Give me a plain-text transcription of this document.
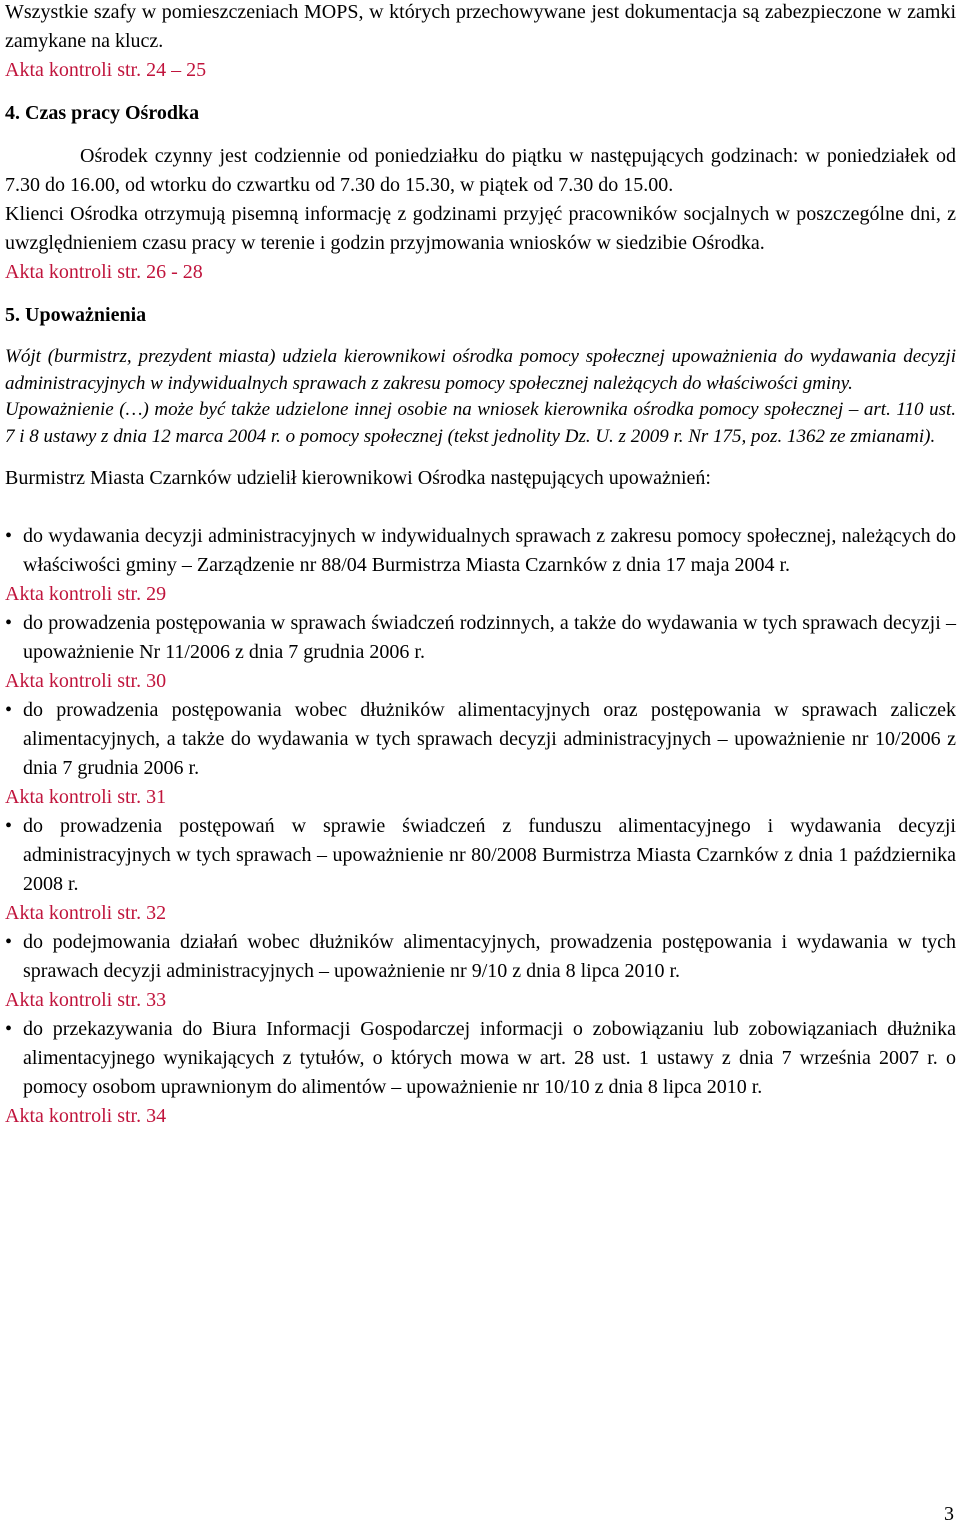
Wszystkie szafy w pomieszczeniach MOPS, w których przechowywane jest dokumentacja są zabezpieczone w zamki zamykane na klucz.

Akta kontroli str. 24 – 25

4. Czas pracy Ośrodka

Ośrodek czynny jest codziennie od poniedziałku do piątku w następujących godzinach: w poniedziałek od 7.30 do 16.00, od wtorku do czwartku od 7.30 do 15.30, w piątek od 7.30 do 15.00.

Klienci Ośrodka otrzymują pisemną informację z godzinami przyjęć pracowników socjalnych w poszczególne dni, z uwzględnieniem czasu pracy w terenie i godzin przyjmowania wniosków w siedzibie Ośrodka.

Akta kontroli str. 26 - 28

5. Upoważnienia

Wójt (burmistrz, prezydent miasta) udziela kierownikowi ośrodka pomocy społecznej upoważnienia do wydawania decyzji administracyjnych w indywidualnych sprawach z zakresu pomocy społecznej należących do właściwości gminy.

Upoważnienie (…) może być także udzielone innej osobie na wniosek kierownika ośrodka pomocy społecznej – art. 110 ust. 7 i 8 ustawy z dnia 12 marca 2004 r. o pomocy społecznej (tekst jednolity Dz. U. z 2009 r. Nr 175, poz. 1362 ze zmianami).

Burmistrz Miasta Czarnków udzielił kierownikowi Ośrodka następujących upoważnień:

• do wydawania decyzji administracyjnych w indywidualnych sprawach z zakresu pomocy społecznej, należących do właściwości gminy – Zarządzenie nr 88/04 Burmistrza Miasta Czarnków z dnia 17 maja 2004 r.

Akta kontroli str. 29

• do prowadzenia postępowania w sprawach świadczeń rodzinnych, a także do wydawania w tych sprawach decyzji – upoważnienie Nr 11/2006 z dnia 7 grudnia 2006 r.

Akta kontroli str. 30

• do prowadzenia postępowania wobec dłużników alimentacyjnych oraz postępowania w sprawach zaliczek alimentacyjnych, a także do wydawania w tych sprawach decyzji administracyjnych – upoważnienie nr 10/2006 z dnia 7 grudnia 2006 r.

Akta kontroli str. 31

• do prowadzenia postępowań w sprawie świadczeń z funduszu alimentacyjnego i wydawania decyzji administracyjnych w tych sprawach – upoważnienie nr 80/2008 Burmistrza Miasta Czarnków z dnia 1 października 2008 r.

Akta kontroli str. 32

• do podejmowania działań wobec dłużników alimentacyjnych, prowadzenia postępowania i wydawania w tych sprawach decyzji administracyjnych – upoważnienie nr 9/10 z dnia 8 lipca 2010 r.

Akta kontroli str. 33

• do przekazywania do Biura Informacji Gospodarczej informacji o zobowiązaniu lub zobowiązaniach dłużnika alimentacyjnego wynikających z tytułów, o których mowa w art. 28 ust. 1 ustawy z dnia 7 września 2007 r. o pomocy osobom uprawnionym do alimentów – upoważnienie nr 10/10 z dnia 8 lipca 2010 r.

Akta kontroli str. 34

3
